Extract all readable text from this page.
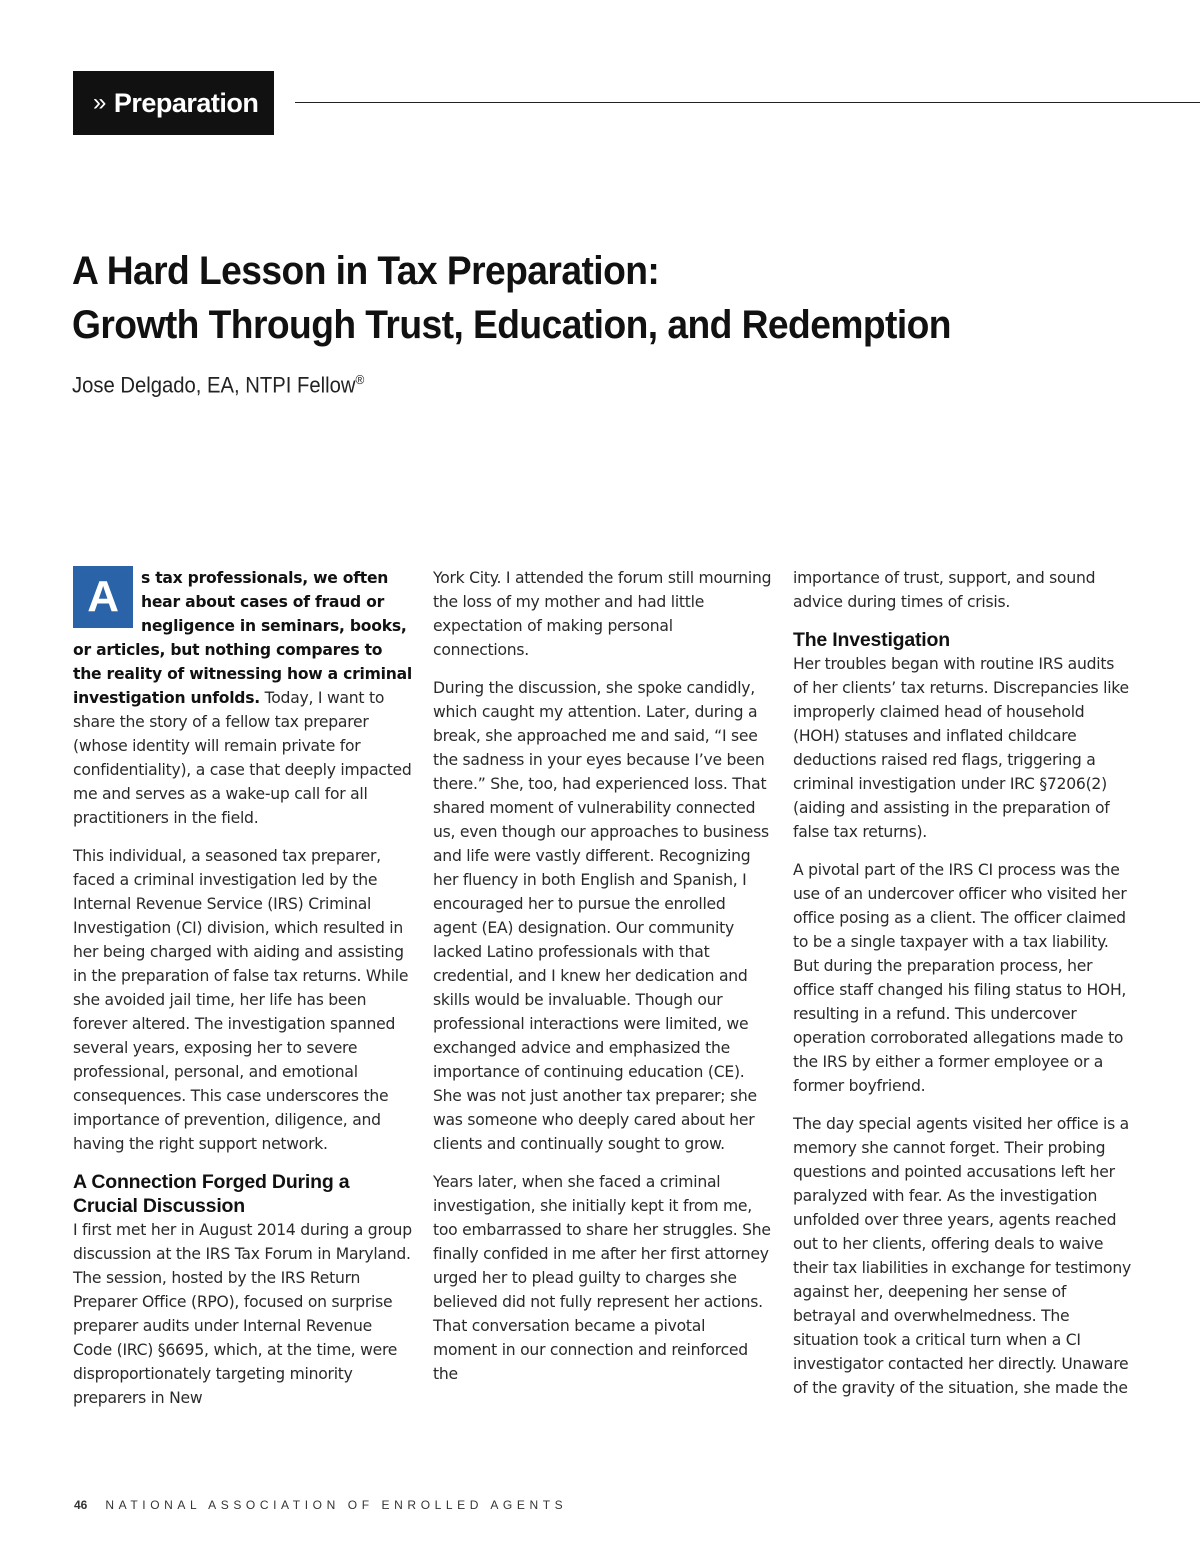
» Preparation
A Hard Lesson in Tax Preparation:
Growth Through Trust, Education, and Redemption
Jose Delgado, EA, NTPI Fellow®

A	s tax professionals, we often hear about cases of fraud or negligence in seminars, books, or articles, but nothing compares to the reality of witnessing how a criminal investigation unfolds. Today, I want to share the story of a fellow tax preparer (whose identity will remain private for confidentiality), a case that deeply impacted me and serves as a wake-up call for all practitioners in the field.

This individual, a seasoned tax preparer, faced a criminal investigation led by the Internal Revenue Service (IRS) Criminal Investigation (CI) division, which resulted in her being charged with aiding and assisting in the preparation of false tax returns. While she avoided jail time, her life has been forever altered. The investigation spanned several years, exposing her to severe professional, personal, and emotional consequences. This case underscores the importance of prevention, diligence, and having the right support network.

A Connection Forged During a Crucial Discussion

I first met her in August 2014 during a group discussion at the IRS Tax Forum in Maryland. The session, hosted by the IRS Return Preparer Office (RPO), focused on surprise preparer audits under Internal Revenue Code (IRC) §6695, which, at the time, were disproportionately targeting minority preparers in New

York City. I attended the forum still mourning the loss of my mother and had little expectation of making personal connections.

During the discussion, she spoke candidly, which caught my attention. Later, during a break, she approached me and said, “I see the sadness in your eyes because I’ve been there.” She, too, had experienced loss. That shared moment of vulnerability connected us, even though our approaches to business and life were vastly different. Recognizing her fluency in both English and Spanish, I encouraged her to pursue the enrolled agent (EA) designation. Our community lacked Latino professionals with that credential, and I knew her dedication and skills would be invaluable. Though our professional interactions were limited, we exchanged advice and emphasized the importance of continuing education (CE). She was not just another tax preparer; she was someone who deeply cared about her clients and continually sought to grow.

Years later, when she faced a criminal investigation, she initially kept it from me, too embarrassed to share her struggles. She finally confided in me after her first attorney urged her to plead guilty to charges she believed did not fully represent her actions. That conversation became a pivotal moment in our connection and reinforced the

importance of trust, support, and sound advice during times of crisis.

The Investigation

Her troubles began with routine IRS audits of her clients’ tax returns. Discrepancies like improperly claimed head of household (HOH) statuses and inflated childcare deductions raised red flags, triggering a criminal investigation under IRC §7206(2) (aiding and assisting in the preparation of false tax returns).

A pivotal part of the IRS CI process was the use of an undercover officer who visited her office posing as a client. The officer claimed to be a single taxpayer with a tax liability. But during the preparation process, her office staff changed his filing status to HOH, resulting in a refund. This undercover operation corroborated allegations made to the IRS by either a former employee or a former boyfriend.

The day special agents visited her office is a memory she cannot forget. Their probing questions and pointed accusations left her paralyzed with fear. As the investigation unfolded over three years, agents reached out to her clients, offering deals to waive their tax liabilities in exchange for testimony against her, deepening her sense of betrayal and overwhelmedness. The situation took a critical turn when a CI investigator contacted her directly. Unaware of the gravity of the situation, she made the

46 NATIONAL ASSOCIATION OF ENROLLED AGENTS
